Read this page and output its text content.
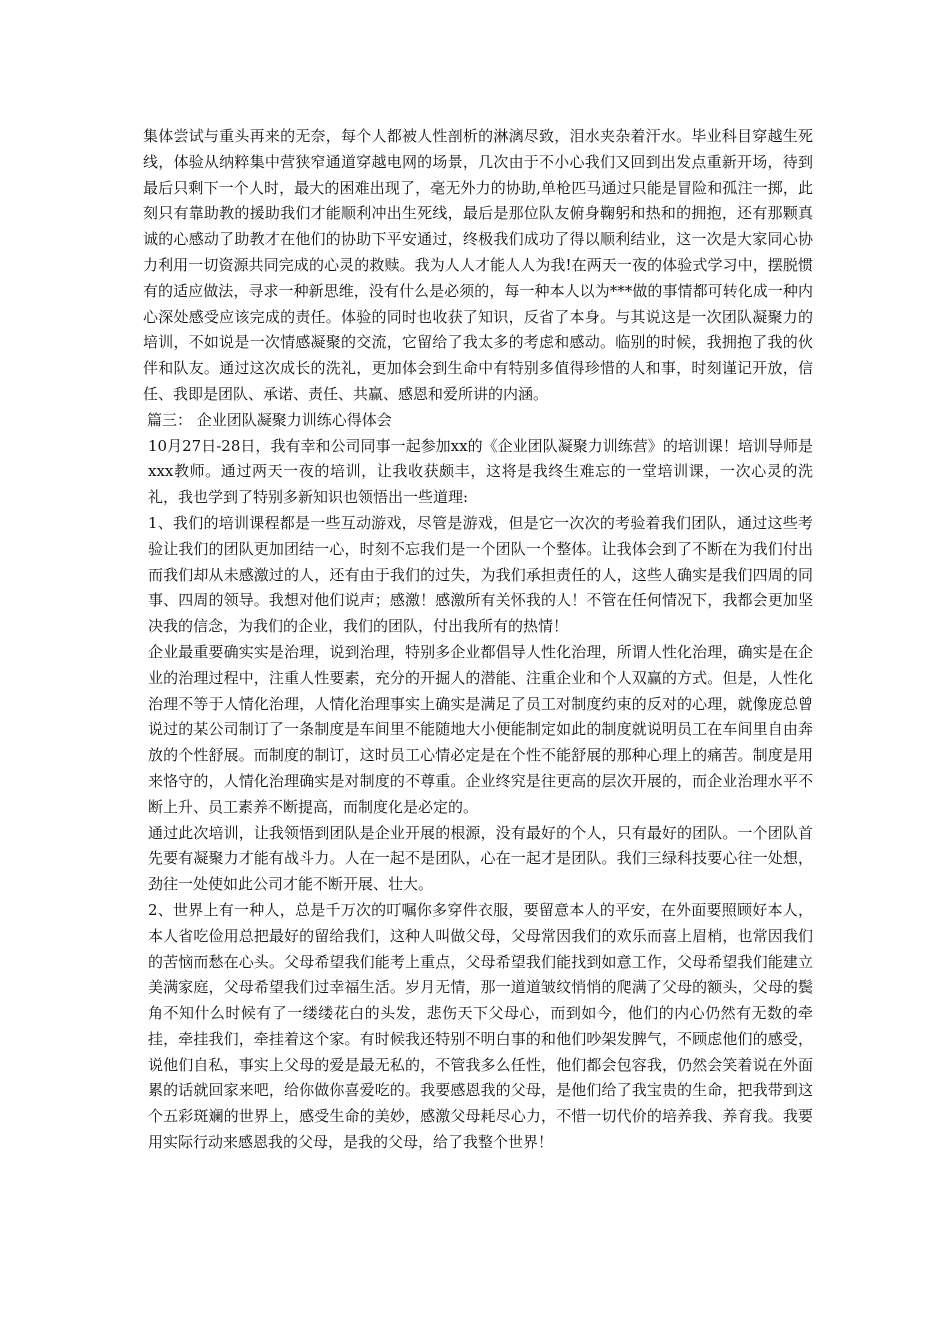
集体尝试与重头再来的无奈，每个人都被人性剖析的淋漓尽致，泪水夹杂着汗水。毕业科目穿越生死线，体验从纳粹集中营狭窄通道穿越电网的场景，几次由于不小心我们又回到出发点重新开场，待到最后只剩下一个人时，最大的困难出现了，毫无外力的协助,单枪匹马通过只能是冒险和孤注一掷，此刻只有靠助教的援助我们才能顺利冲出生死线，最后是那位队友俯身鞠躬和热和的拥抱，还有那颗真诚的心感动了助教才在他们的协助下平安通过，终极我们成功了得以顺利结业，这一次是大家同心协力利用一切资源共同完成的心灵的救赎。我为人人才能人人为我!在两天一夜的体验式学习中，摆脱惯有的适应做法，寻求一种新思维，没有什么是必须的，每一种本人以为***做的事情都可转化成一种内心深处感受应该完成的责任。体验的同时也收获了知识，反省了本身。与其说这是一次团队凝聚力的培训，不如说是一次情感凝聚的交流，它留给了我太多的考虑和感动。临别的时候，我拥抱了我的伙伴和队友。通过这次成长的洗礼，更加体会到生命中有特别多值得珍惜的人和事，时刻谨记开放，信任、我即是团队、承诺、责任、共赢、感恩和爱所讲的内涵。

篇三： 企业团队凝聚力训练心得体会

10月27日-28日，我有幸和公司同事一起参加xx的《企业团队凝聚力训练营》的培训课！培训导师是xxx教师。通过两天一夜的培训，让我收获颇丰，这将是我终生难忘的一堂培训课，一次心灵的洗礼，我也学到了特别多新知识也领悟出一些道理:

1、我们的培训课程都是一些互动游戏，尽管是游戏，但是它一次次的考验着我们团队，通过这些考验让我们的团队更加团结一心，时刻不忘我们是一个团队一个整体。让我体会到了不断在为我们付出而我们却从未感激过的人，还有由于我们的过失，为我们承担责任的人，这些人确实是我们四周的同事、四周的领导。我想对他们说声；感激！感激所有关怀我的人！不管在任何情况下，我都会更加坚决我的信念，为我们的企业，我们的团队，付出我所有的热情！

企业最重要确实实是治理，说到治理，特别多企业都倡导人性化治理，所谓人性化治理，确实是在企业的治理过程中，注重人性要素，充分的开掘人的潜能、注重企业和个人双赢的方式。但是，人性化治理不等于人情化治理，人情化治理事实上确实是满足了员工对制度约束的反对的心理，就像庞总曾说过的某公司制订了一条制度是车间里不能随地大小便能制定如此的制度就说明员工在车间里自由奔放的个性舒展。而制度的制订，这时员工心情必定是在个性不能舒展的那种心理上的痛苦。制度是用来恪守的，人情化治理确实是对制度的不尊重。企业终究是往更高的层次开展的，而企业治理水平不断上升、员工素养不断提高，而制度化是必定的。

通过此次培训，让我领悟到团队是企业开展的根源，没有最好的个人，只有最好的团队。一个团队首先要有凝聚力才能有战斗力。人在一起不是团队，心在一起才是团队。我们三绿科技要心往一处想，劲往一处使如此公司才能不断开展、壮大。

2、世界上有一种人，总是千万次的叮嘱你多穿件衣服，要留意本人的平安，在外面要照顾好本人，本人省吃俭用总把最好的留给我们，这种人叫做父母，父母常因我们的欢乐而喜上眉梢，也常因我们的苦恼而愁在心头。父母希望我们能考上重点，父母希望我们能找到如意工作，父母希望我们能建立美满家庭，父母希望我们过幸福生活。岁月无情，那一道道皱纹悄悄的爬满了父母的额头，父母的鬓角不知什么时候有了一缕缕花白的头发，悲伤天下父母心，而到如今，他们的内心仍然有无数的牵挂，牵挂我们，牵挂着这个家。有时候我还特别不明白事的和他们吵架发脾气，不顾虑他们的感受，说他们自私，事实上父母的爱是最无私的，不管我多么任性，他们都会包容我，仍然会笑着说在外面累的话就回家来吧，给你做你喜爱吃的。我要感恩我的父母，是他们给了我宝贵的生命，把我带到这个五彩斑斓的世界上，感受生命的美妙，感激父母耗尽心力，不惜一切代价的培养我、养育我。我要用实际行动来感恩我的父母，是我的父母，给了我整个世界！
